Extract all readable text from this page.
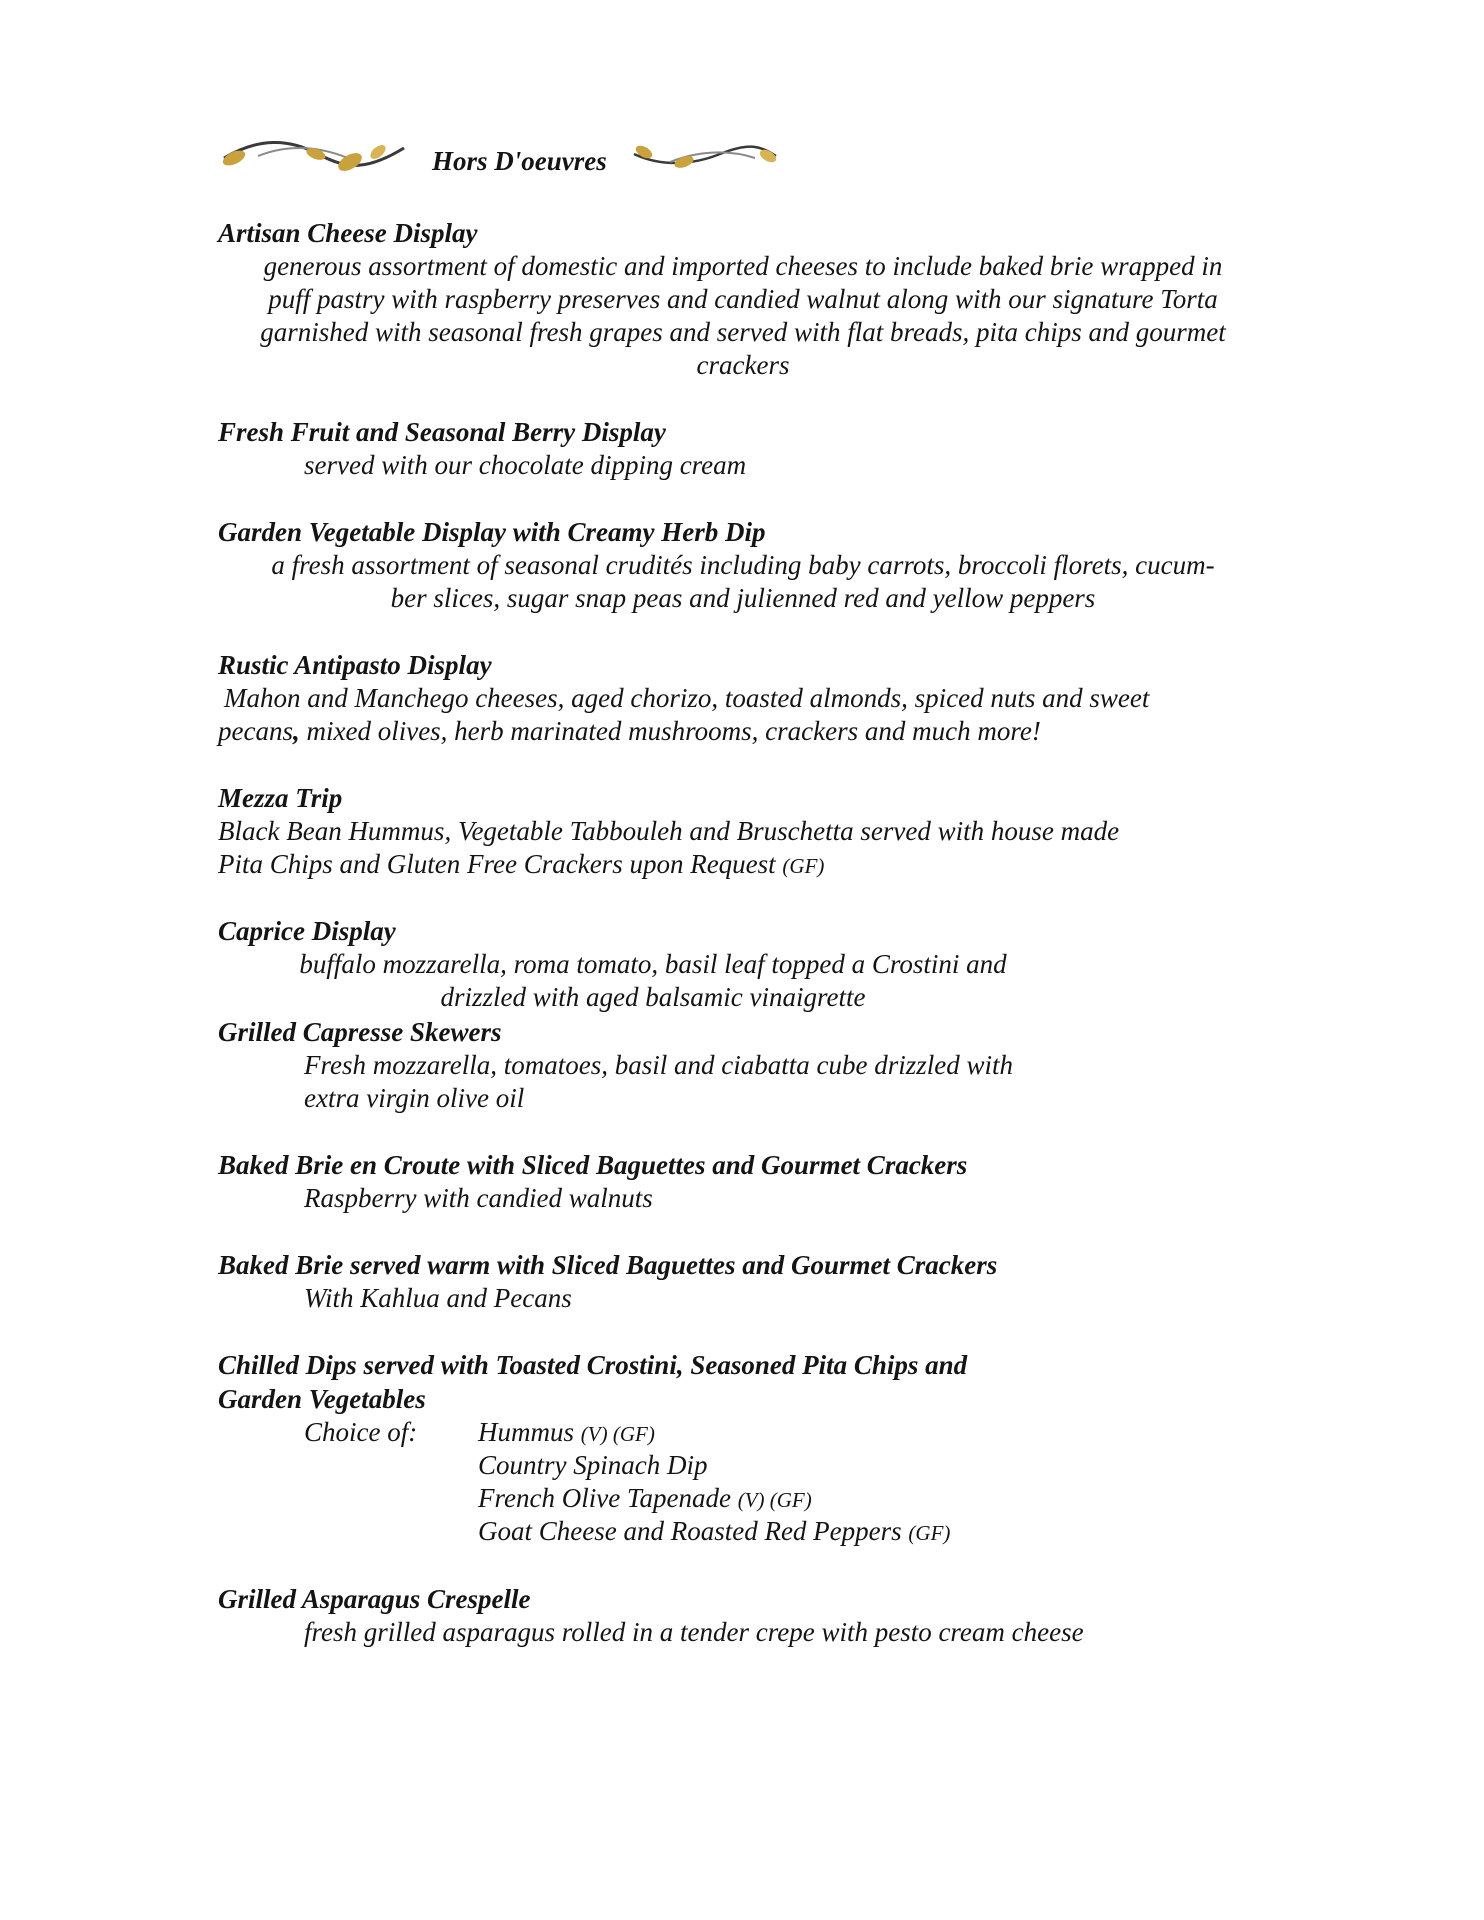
Hors D'oeuvres
Artisan Cheese Display
generous assortment of domestic and imported cheeses to include baked brie wrapped in
puff pastry with raspberry preserves and candied walnut along with our signature Torta
garnished with seasonal fresh grapes and served with flat breads, pita chips and gourmet
crackers
Fresh Fruit and Seasonal Berry Display
served with our chocolate dipping cream
Garden Vegetable Display with Creamy Herb Dip
a fresh assortment of seasonal crudités including baby carrots, broccoli florets, cucum-
ber slices, sugar snap peas and julienned red and yellow peppers
Rustic Antipasto Display
Mahon and Manchego cheeses, aged chorizo, toasted almonds, spiced nuts and sweet
pecans, mixed olives, herb marinated mushrooms, crackers and much more!
Mezza Trip
Black Bean Hummus, Vegetable Tabbouleh and Bruschetta served with house made
Pita Chips and Gluten Free Crackers upon Request (GF)
Caprice Display
buffalo mozzarella, roma tomato, basil leaf topped a Crostini and
drizzled with aged balsamic vinaigrette
Grilled Capresse Skewers
Fresh mozzarella, tomatoes, basil and ciabatta cube drizzled with
extra virgin olive oil
Baked Brie en Croute with Sliced Baguettes and Gourmet Crackers
Raspberry with candied walnuts
Baked Brie served warm with Sliced Baguettes and Gourmet Crackers
With Kahlua and Pecans
Chilled Dips served with Toasted Crostini, Seasoned Pita Chips and
Garden Vegetables
Choice of: Hummus (V) (GF)
Country Spinach Dip
French Olive Tapenade (V) (GF)
Goat Cheese and Roasted Red Peppers (GF)
Grilled Asparagus Crespelle
fresh grilled asparagus rolled in a tender crepe with pesto cream cheese
